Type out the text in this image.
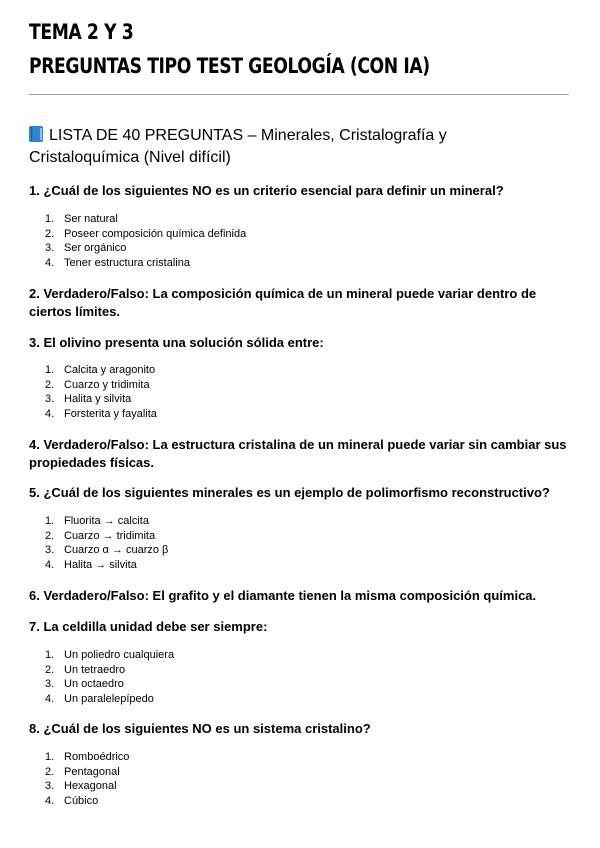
TEMA 2 Y 3
PREGUNTAS TIPO TEST GEOLOGÍA (CON IA)
LISTA DE 40 PREGUNTAS – Minerales, Cristalografía y Cristaloquímica (Nivel difícil)
1. ¿Cuál de los siguientes NO es un criterio esencial para definir un mineral?
1. Ser natural
2. Poseer composición química definida
3. Ser orgánico
4. Tener estructura cristalina
2. Verdadero/Falso: La composición química de un mineral puede variar dentro de ciertos límites.
3. El olivino presenta una solución sólida entre:
1. Calcita y aragonito
2. Cuarzo y tridimita
3. Halita y silvita
4. Forsterita y fayalita
4. Verdadero/Falso: La estructura cristalina de un mineral puede variar sin cambiar sus propiedades físicas.
5. ¿Cuál de los siguientes minerales es un ejemplo de polimorfismo reconstructivo?
1. Fluorita → calcita
2. Cuarzo → tridimita
3. Cuarzo α → cuarzo β
4. Halita → silvita
6. Verdadero/Falso: El grafito y el diamante tienen la misma composición química.
7. La celdilla unidad debe ser siempre:
1. Un poliedro cualquiera
2. Un tetraedro
3. Un octaedro
4. Un paralelepípedo
8. ¿Cuál de los siguientes NO es un sistema cristalino?
1. Romboédrico
2. Pentagonal
3. Hexagonal
4. Cúbico
